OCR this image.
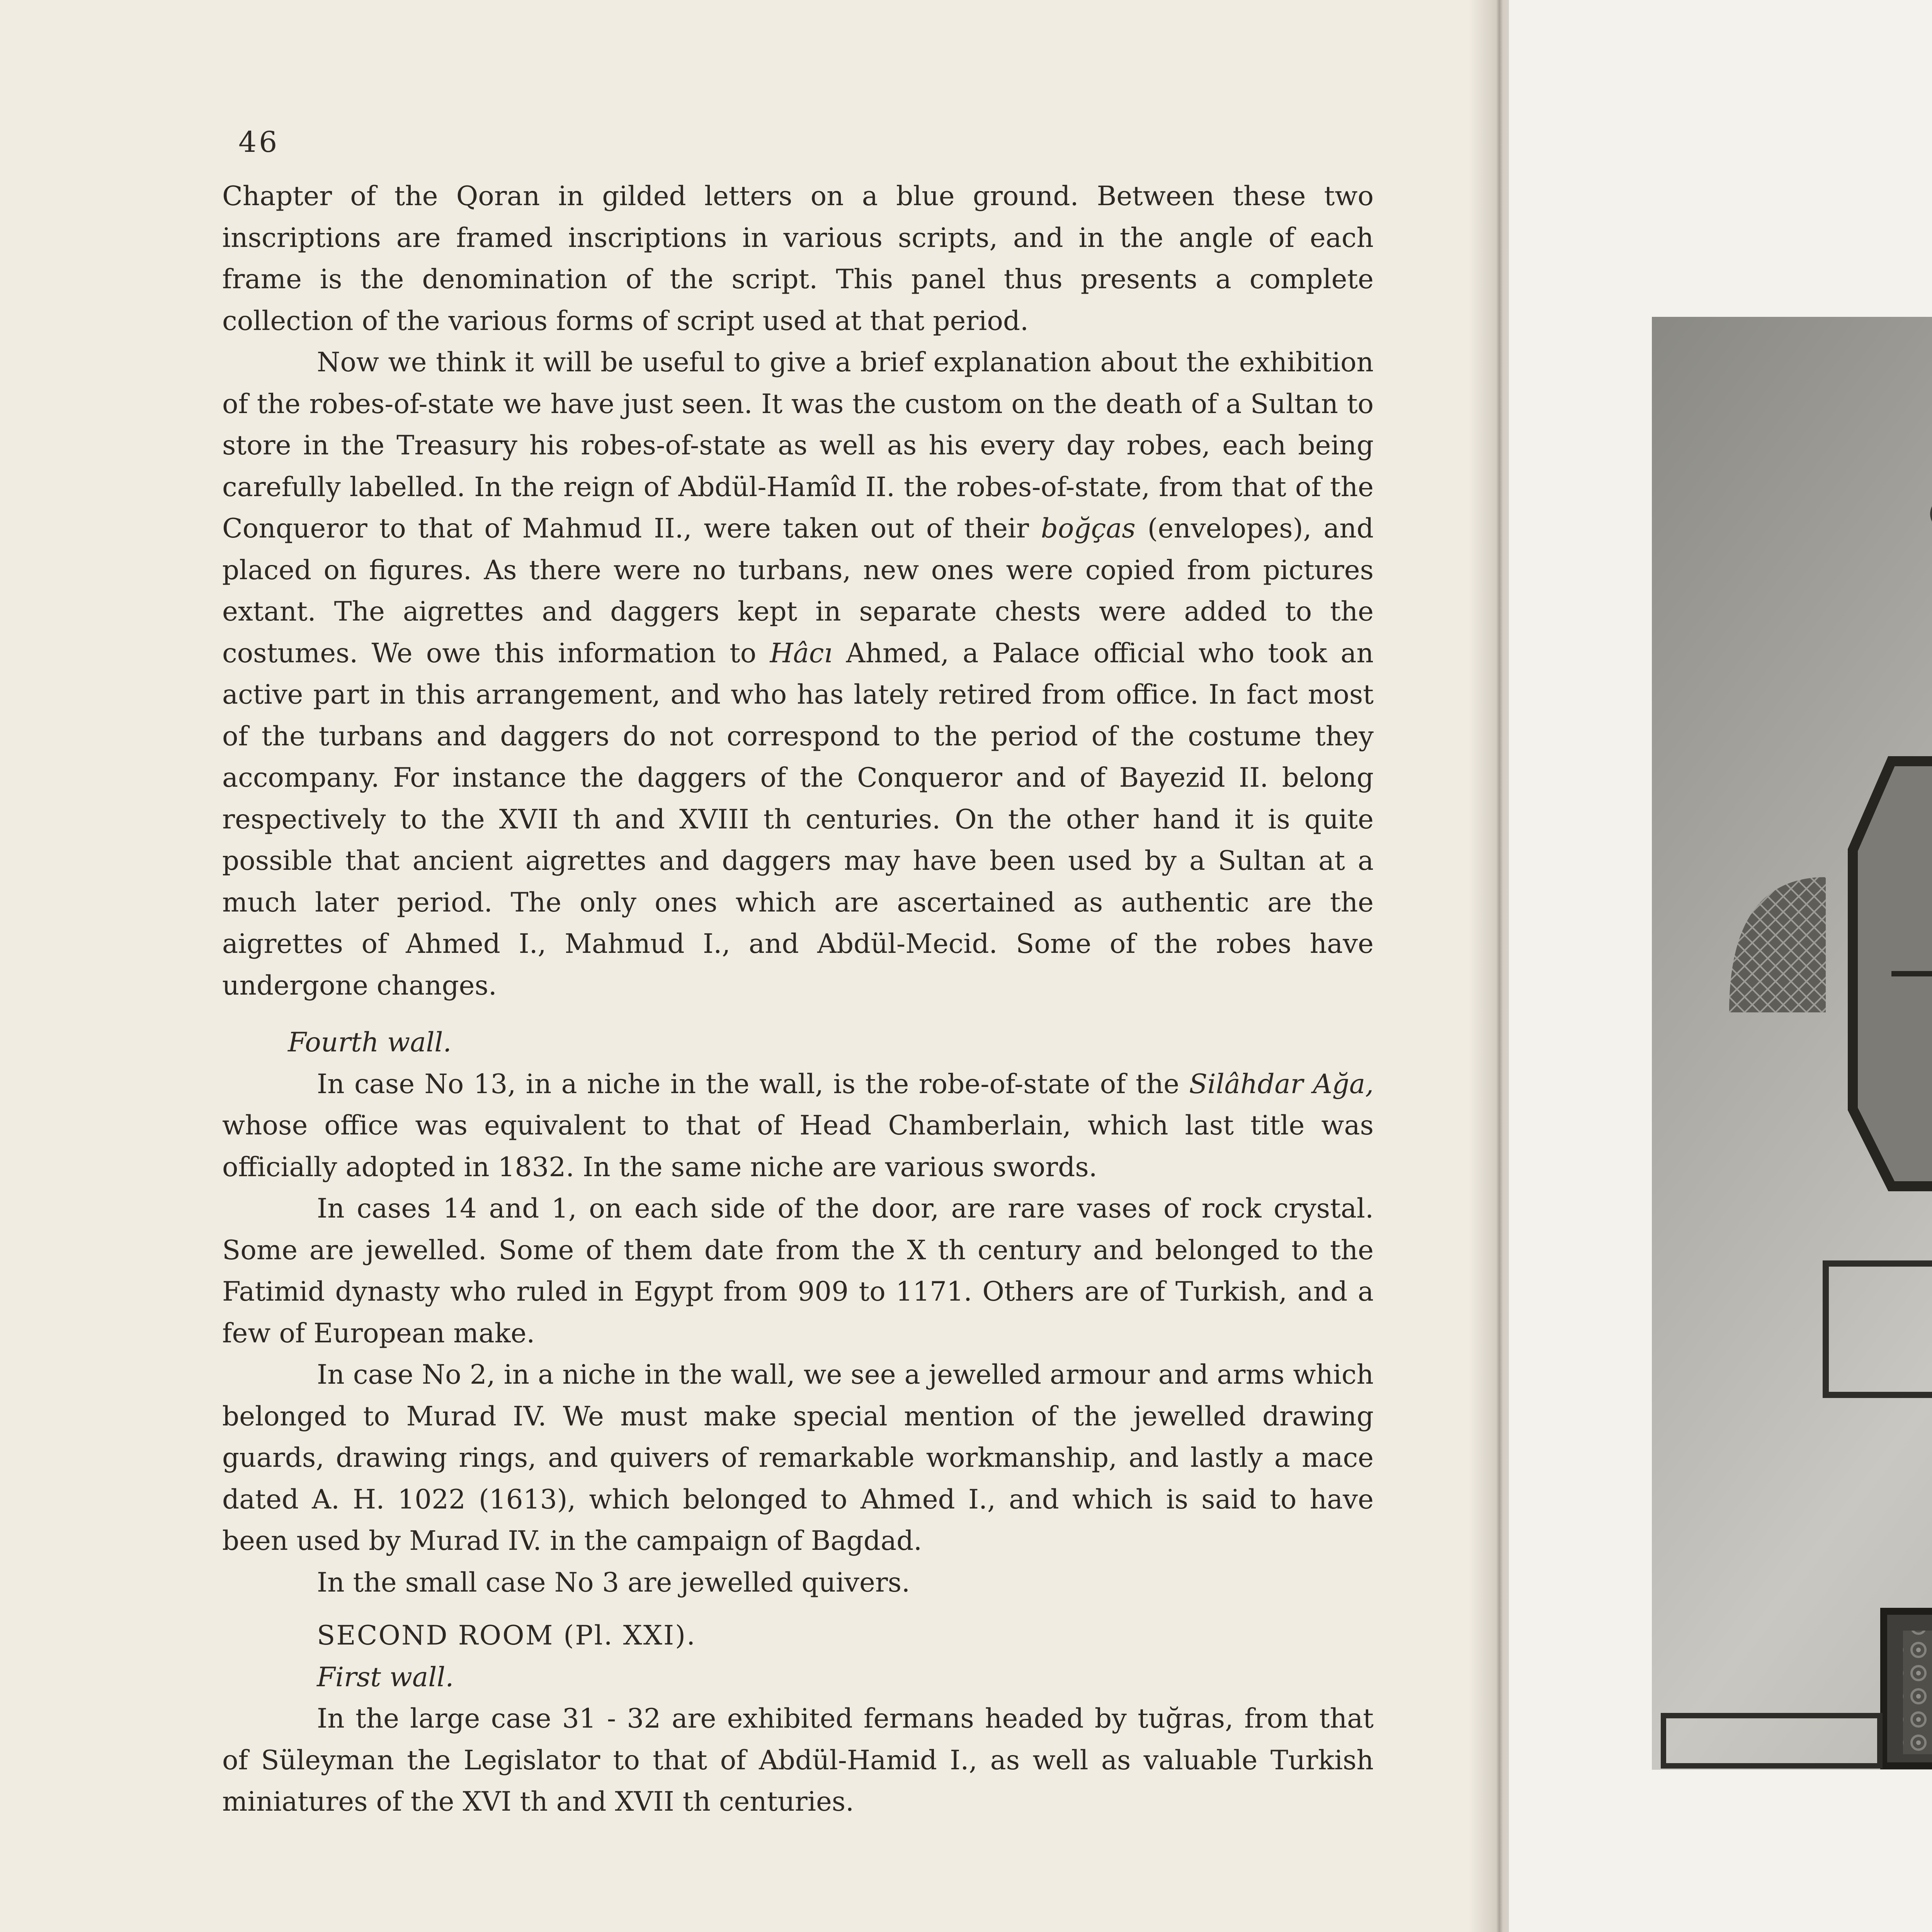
46

Chapter of the Qoran in gilded letters on a blue ground. Between these two inscriptions are framed inscriptions in various scripts, and in the angle of each frame is the denomination of the script. This panel thus presents a complete collection of the various forms of script used at that period.

Now we think it will be useful to give a brief explanation about the exhibition of the robes-of-state we have just seen. It was the custom on the death of a Sultan to store in the Treasury his robes-of-state as well as his every day robes, each being carefully labelled. In the reign of Abdül-Hamîd II. the robes-of-state, from that of the Conqueror to that of Mahmud II., were taken out of their boğças (envelopes), and placed on figures. As there were no turbans, new ones were copied from pictures extant. The aigrettes and daggers kept in separate chests were added to the costumes. We owe this information to Hâcı Ahmed, a Palace official who took an active part in this arrangement, and who has lately retired from office. In fact most of the turbans and daggers do not correspond to the period of the costume they accompany. For instance the daggers of the Conqueror and of Bayezid II. belong respectively to the XVII th and XVIII th centuries. On the other hand it is quite possible that ancient aigrettes and daggers may have been used by a Sultan at a much later period. The only ones which are ascertained as authentic are the aigrettes of Ahmed I., Mahmud I., and Abdül-Mecid. Some of the robes have undergone changes.

Fourth wall.

In case No 13, in a niche in the wall, is the robe-of-state of the Silâhdar Ağa, whose office was equivalent to that of Head Chamberlain, which last title was officially adopted in 1832. In the same niche are various swords.

In cases 14 and 1, on each side of the door, are rare vases of rock crystal. Some are jewelled. Some of them date from the X th century and belonged to the Fatimid dynasty who ruled in Egypt from 909 to 1171. Others are of Turkish, and a few of European make.

In case No 2, in a niche in the wall, we see a jewelled armour and arms which belonged to Murad IV. We must make special mention of the jewelled drawing guards, drawing rings, and quivers of remarkable workmanship, and lastly a mace dated A. H. 1022 (1613), which belonged to Ahmed I., and which is said to have been used by Murad IV. in the campaign of Bagdad.

In the small case No 3 are jewelled quivers.

SECOND ROOM (Pl. XXI).

First wall.

In the large case 31 - 32 are exhibited fermans headed by tuğras, from that of Süleyman the Legislator to that of Abdül-Hamid I., as well as valuable Turkish miniatures of the XVI th and XVII th centuries.
